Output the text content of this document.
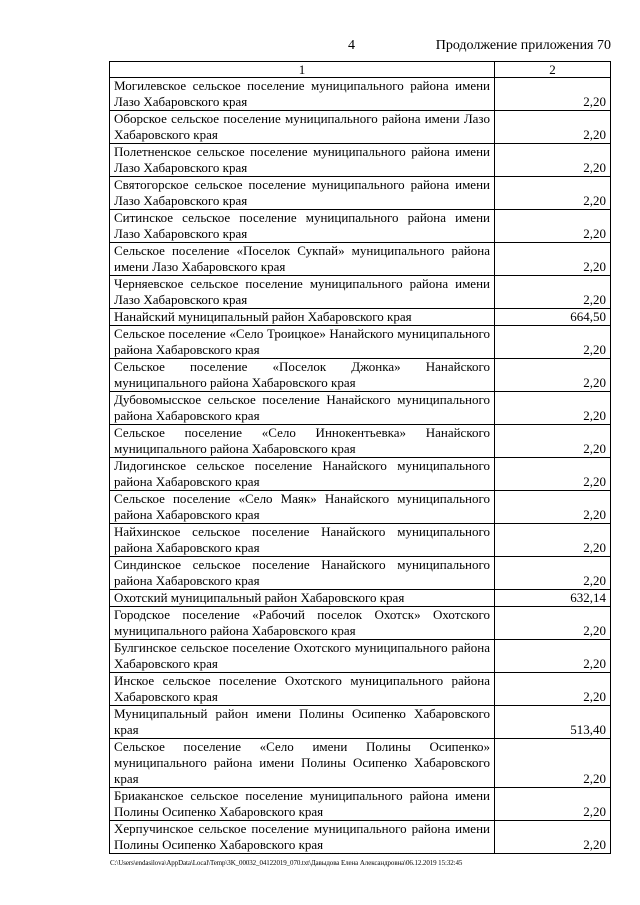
4	Продолжение приложения 70
1	2
Могилевское сельское поселение муниципального района имени Лазо Хабаровского края	2,20
Оборское сельское поселение муниципального района имени Лазо Хабаровского края	2,20
Полетненское сельское поселение муниципального района имени Лазо Хабаровского края	2,20
Святогорское сельское поселение муниципального района имени Лазо Хабаровского края	2,20
Ситинское сельское поселение муниципального района имени Лазо Хабаровского края	2,20
Сельское поселение «Поселок Сукпай» муниципального района имени Лазо Хабаровского края	2,20
Черняевское сельское поселение муниципального района имени Лазо Хабаровского края	2,20
Нанайский муниципальный район Хабаровского края	664,50
Сельское поселение «Село Троицкое» Нанайского муниципального района Хабаровского края	2,20
Сельское поселение «Поселок Джонка» Нанайского муниципального района Хабаровского края	2,20
Дубовомысское сельское поселение Нанайского муниципального района Хабаровского края	2,20
Сельское поселение «Село Иннокентьевка» Нанайского муниципального района Хабаровского края	2,20
Лидогинское сельское поселение Нанайского муниципального района Хабаровского края	2,20
Сельское поселение «Село Маяк» Нанайского муниципального района Хабаровского края	2,20
Найхинское сельское поселение Нанайского муниципального района Хабаровского края	2,20
Синдинское сельское поселение Нанайского муниципального района Хабаровского края	2,20
Охотский муниципальный район Хабаровского края	632,14
Городское поселение «Рабочий поселок Охотск» Охотского муниципального района Хабаровского края	2,20
Булгинское сельское поселение Охотского муниципального района Хабаровского края	2,20
Инское сельское поселение Охотского муниципального района Хабаровского края	2,20
Муниципальный район имени Полины Осипенко Хабаровского края	513,40
Сельское поселение «Село имени Полины Осипенко» муниципального района имени Полины Осипенко Хабаровского края	2,20
Бриаканское сельское поселение муниципального района имени Полины Осипенко Хабаровского края	2,20
Херпучинское сельское поселение муниципального района имени Полины Осипенко Хабаровского края	2,20
C:\Users\endasilova\AppData\Local\Temp\3K_00032_04122019_070.txt\Давыдова Елена Александровна\06.12.2019 15:32:45
